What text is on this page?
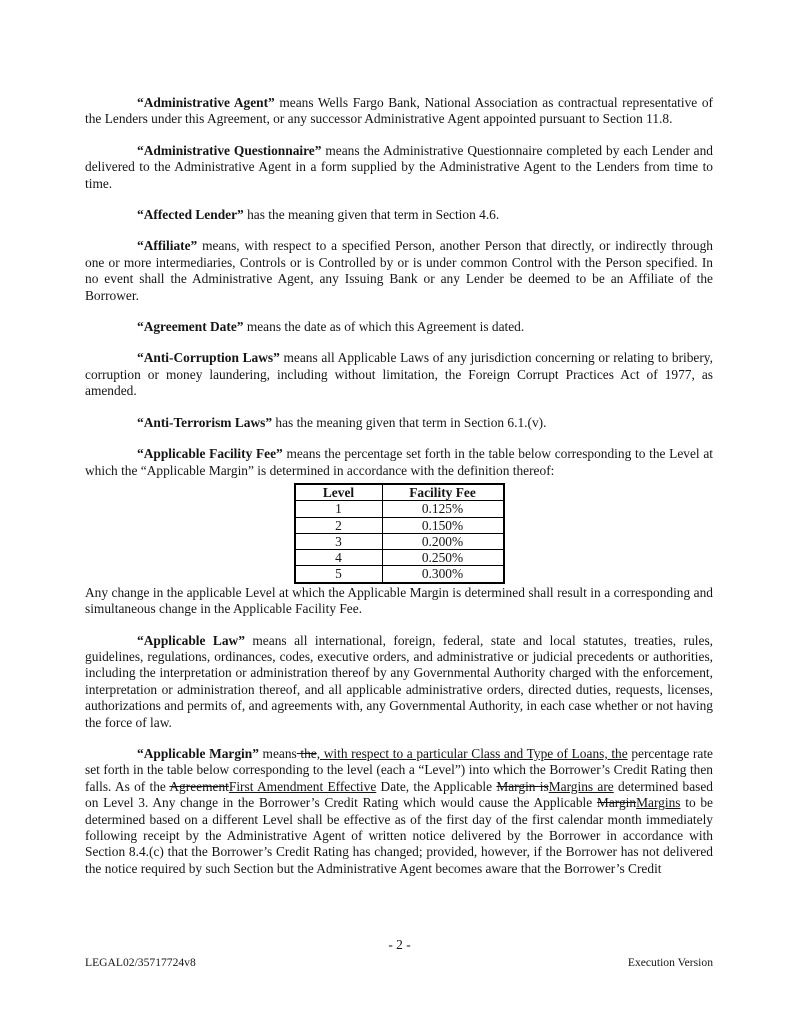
“Administrative Agent” means Wells Fargo Bank, National Association as contractual representative of the Lenders under this Agreement, or any successor Administrative Agent appointed pursuant to Section 11.8.

“Administrative Questionnaire” means the Administrative Questionnaire completed by each Lender and delivered to the Administrative Agent in a form supplied by the Administrative Agent to the Lenders from time to time.

“Affected Lender” has the meaning given that term in Section 4.6.

“Affiliate” means, with respect to a specified Person, another Person that directly, or indirectly through one or more intermediaries, Controls or is Controlled by or is under common Control with the Person specified. In no event shall the Administrative Agent, any Issuing Bank or any Lender be deemed to be an Affiliate of the Borrower.

“Agreement Date” means the date as of which this Agreement is dated.

“Anti-Corruption Laws” means all Applicable Laws of any jurisdiction concerning or relating to bribery, corruption or money laundering, including without limitation, the Foreign Corrupt Practices Act of 1977, as amended.

“Anti-Terrorism Laws” has the meaning given that term in Section 6.1.(v).

“Applicable Facility Fee” means the percentage set forth in the table below corresponding to the Level at which the “Applicable Margin” is determined in accordance with the definition thereof:

Level	Facility Fee
1	0.125%
2	0.150%
3	0.200%
4	0.250%
5	0.300%

Any change in the applicable Level at which the Applicable Margin is determined shall result in a corresponding and simultaneous change in the Applicable Facility Fee.

“Applicable Law” means all international, foreign, federal, state and local statutes, treaties, rules, guidelines, regulations, ordinances, codes, executive orders, and administrative or judicial precedents or authorities, including the interpretation or administration thereof by any Governmental Authority charged with the enforcement, interpretation or administration thereof, and all applicable administrative orders, directed duties, requests, licenses, authorizations and permits of, and agreements with, any Governmental Authority, in each case whether or not having the force of law.

“Applicable Margin” means the, with respect to a particular Class and Type of Loans, the percentage rate set forth in the table below corresponding to the level (each a “Level”) into which the Borrower’s Credit Rating then falls. As of the AgreementFirst Amendment Effective Date, the Applicable Margin isMargins are determined based on Level 3. Any change in the Borrower’s Credit Rating which would cause the Applicable MarginMargins to be determined based on a different Level shall be effective as of the first day of the first calendar month immediately following receipt by the Administrative Agent of written notice delivered by the Borrower in accordance with Section 8.4.(c) that the Borrower’s Credit Rating has changed; provided, however, if the Borrower has not delivered the notice required by such Section but the Administrative Agent becomes aware that the Borrower’s Credit

- 2 -
LEGAL02/35717724v8	Execution Version
